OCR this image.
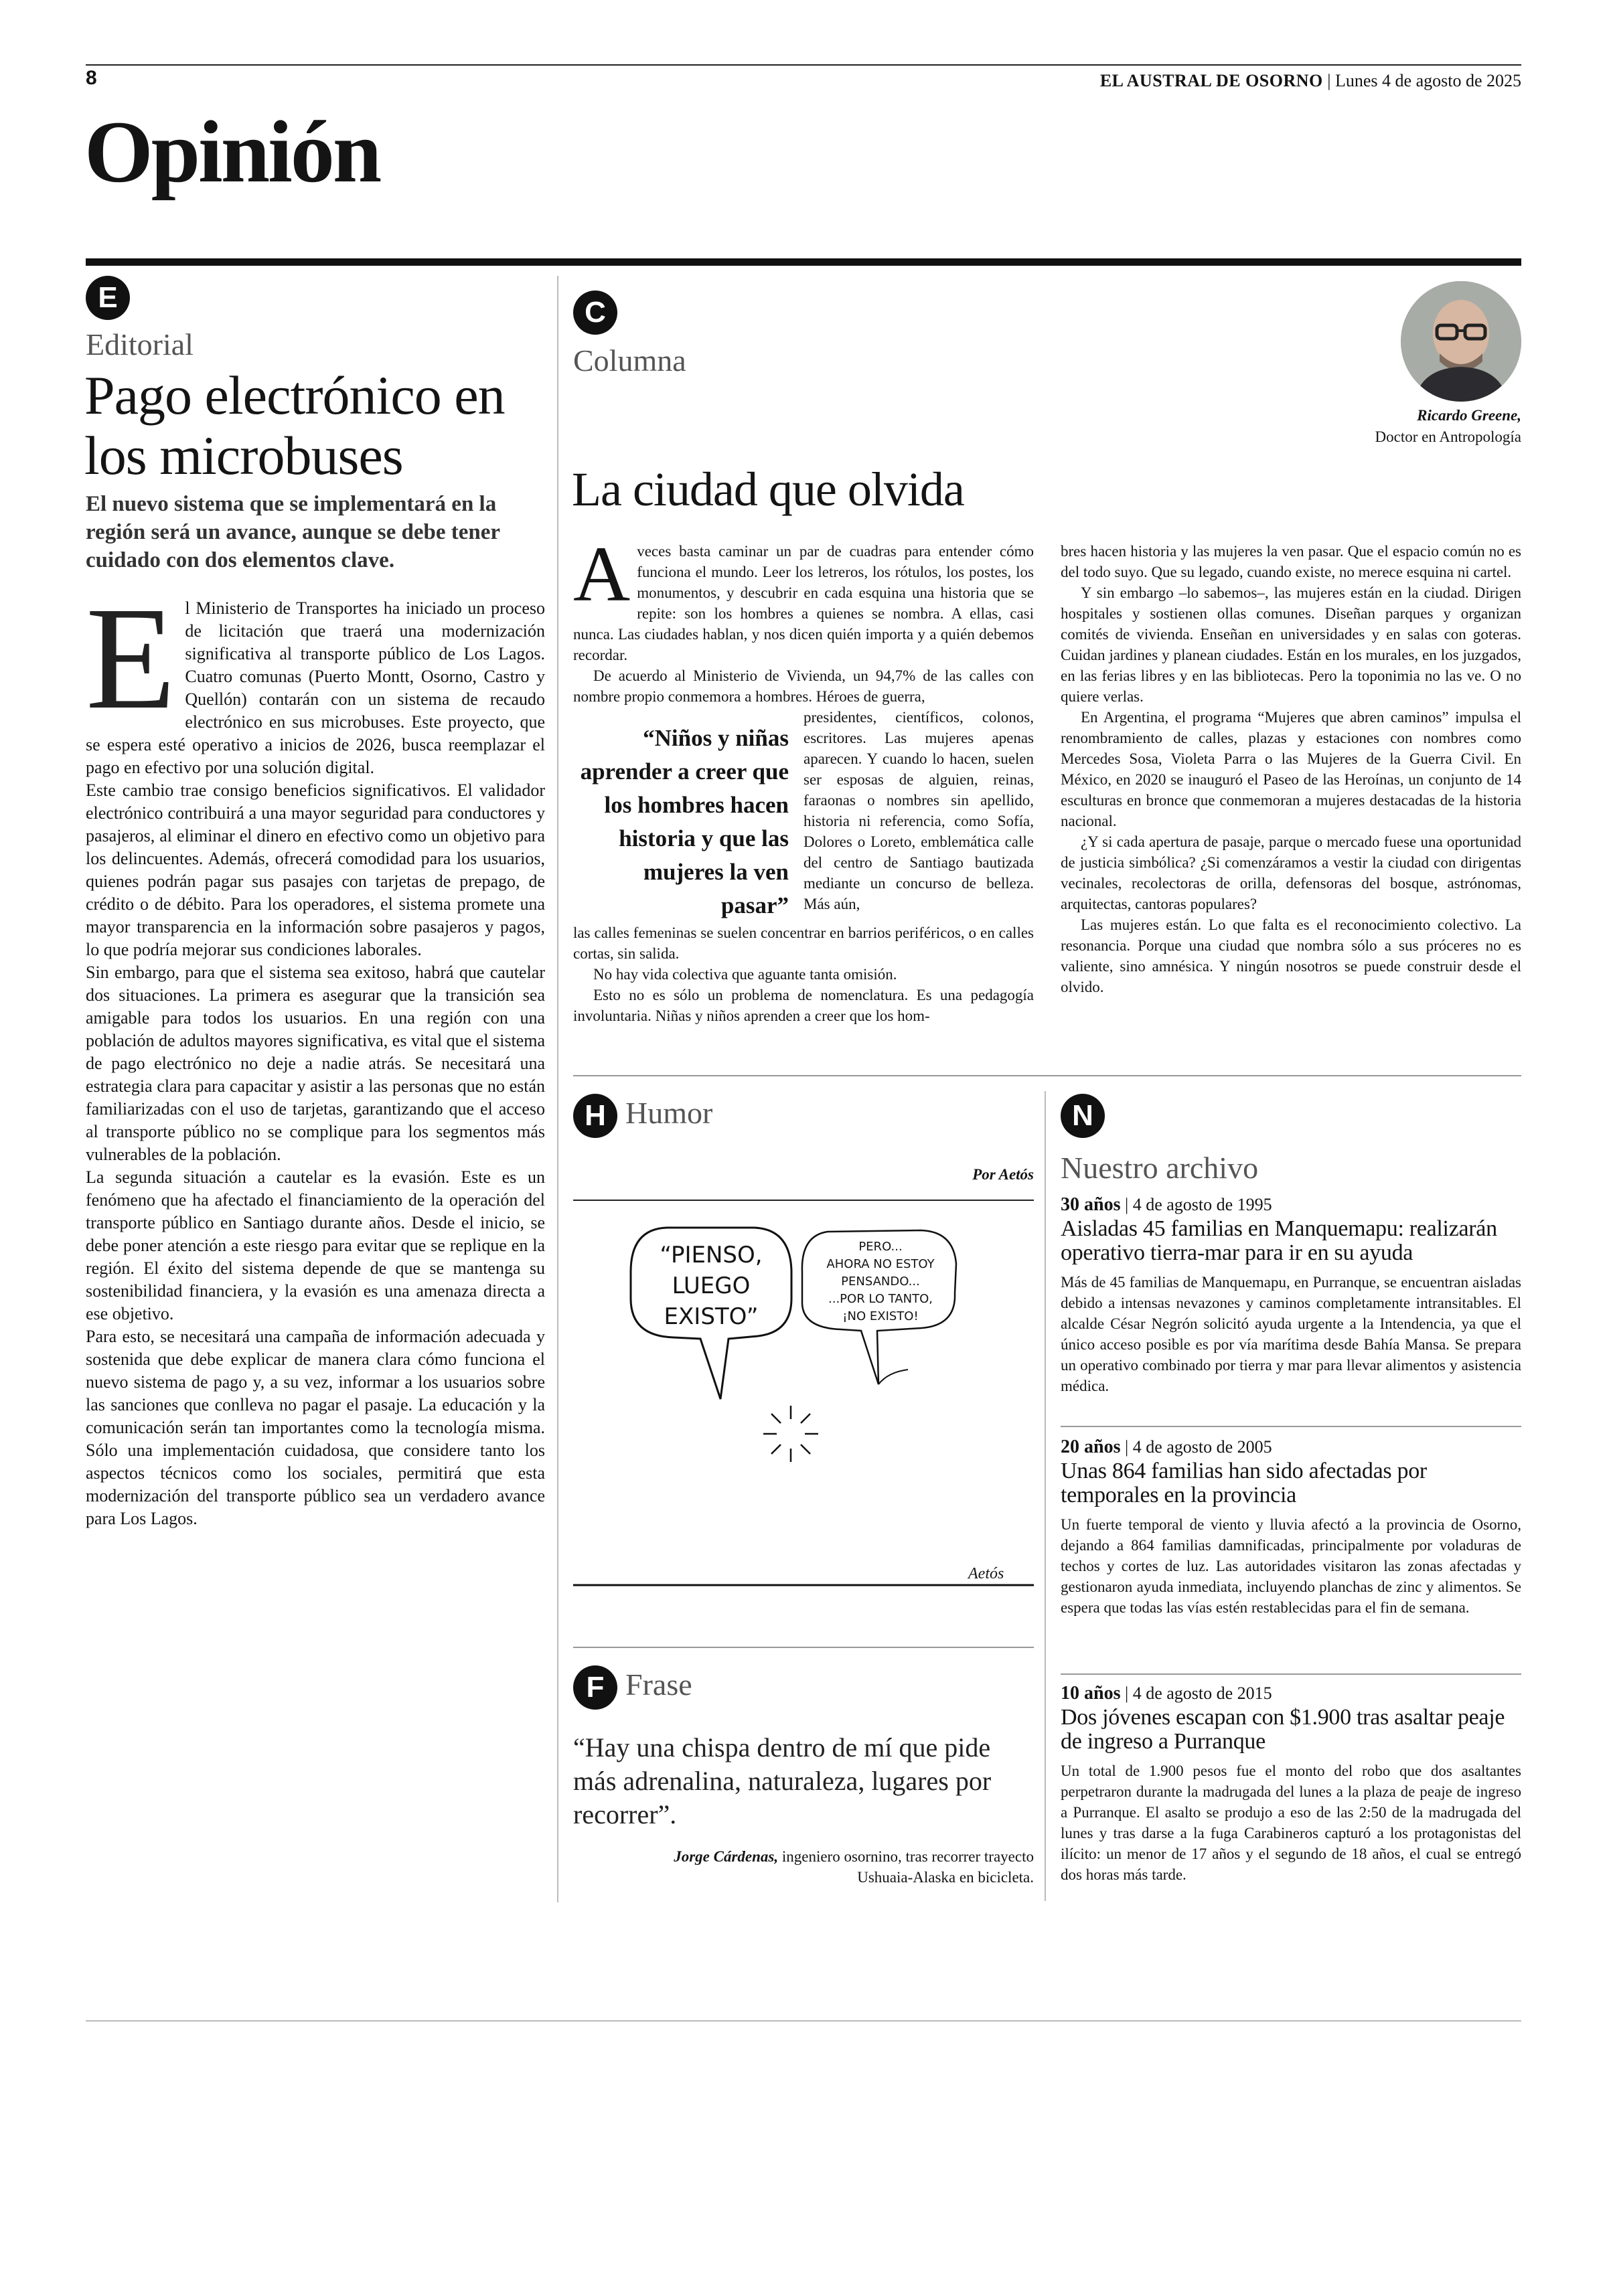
8	EL AUSTRAL DE OSORNO | Lunes 4 de agosto de 2025
Opinión
E
Editorial
Pago electrónico en los microbuses
El nuevo sistema que se implementará en la región será un avance, aunque se debe tener cuidado con dos elementos clave.
E l Ministerio de Transportes ha iniciado un proceso de licitación que traerá una modernización significativa al transporte público de Los Lagos. Cuatro comunas (Puerto Montt, Osorno, Castro y Quellón) contarán con un sistema de recaudo electrónico en sus microbuses. Este proyecto, que se espera esté operativo a inicios de 2026, busca reemplazar el pago en efectivo por una solución digital.

Este cambio trae consigo beneficios significativos. El validador electrónico contribuirá a una mayor seguridad para conductores y pasajeros, al eliminar el dinero en efectivo como un objetivo para los delincuentes. Además, ofrecerá comodidad para los usuarios, quienes podrán pagar sus pasajes con tarjetas de prepago, de crédito o de débito. Para los operadores, el sistema promete una mayor transparencia en la información sobre pasajeros y pagos, lo que podría mejorar sus condiciones laborales.

Sin embargo, para que el sistema sea exitoso, habrá que cautelar dos situaciones. La primera es asegurar que la transición sea amigable para todos los usuarios. En una región con una población de adultos mayores significativa, es vital que el sistema de pago electrónico no deje a nadie atrás. Se necesitará una estrategia clara para capacitar y asistir a las personas que no están familiarizadas con el uso de tarjetas, garantizando que el acceso al transporte público no se complique para los segmentos más vulnerables de la población.

La segunda situación a cautelar es la evasión. Este es un fenómeno que ha afectado el financiamiento de la operación del transporte público en Santiago durante años. Desde el inicio, se debe poner atención a este riesgo para evitar que se replique en la región. El éxito del sistema depende de que se mantenga su sostenibilidad financiera, y la evasión es una amenaza directa a ese objetivo.

Para esto, se necesitará una campaña de información adecuada y sostenida que debe explicar de manera clara cómo funciona el nuevo sistema de pago y, a su vez, informar a los usuarios sobre las sanciones que conlleva no pagar el pasaje. La educación y la comunicación serán tan importantes como la tecnología misma. Sólo una implementación cuidadosa, que considere tanto los aspectos técnicos como los sociales, permitirá que esta modernización del transporte público sea un verdadero avance para Los Lagos.

C
Columna
Ricardo Greene,
Doctor en Antropología
La ciudad que olvida
A veces basta caminar un par de cuadras para entender cómo funciona el mundo. Leer los letreros, los rótulos, los postes, los monumentos, y descubrir en cada esquina una historia que se repite: son los hombres a quienes se nombra. A ellas, casi nunca. Las ciudades hablan, y nos dicen quién importa y a quién debemos recordar.

De acuerdo al Ministerio de Vivienda, un 94,7% de las calles con nombre propio conmemora a hombres. Héroes de guerra,

“Niños y niñas aprender a creer que los hombres hacen historia y que las mujeres la ven pasar”
presidentes, científicos, colonos, escritores. Las mujeres apenas aparecen. Y cuando lo hacen, suelen ser esposas de alguien, reinas, faraonas o nombres sin apellido, historia ni referencia, como Sofía, Dolores o Loreto, emblemática calle del centro de Santiago bautizada mediante un concurso de belleza. Más aún,

las calles femeninas se suelen concentrar en barrios periféricos, o en calles cortas, sin salida.

No hay vida colectiva que aguante tanta omisión.

Esto no es sólo un problema de nomenclatura. Es una pedagogía involuntaria. Niñas y niños aprenden a creer que los hom-

bres hacen historia y las mujeres la ven pasar. Que el espacio común no es del todo suyo. Que su legado, cuando existe, no merece esquina ni cartel.

Y sin embargo –lo sabemos–, las mujeres están en la ciudad. Dirigen hospitales y sostienen ollas comunes. Diseñan parques y organizan comités de vivienda. Enseñan en universidades y en salas con goteras. Cuidan jardines y planean ciudades. Están en los murales, en los juzgados, en las ferias libres y en las bibliotecas. Pero la toponimia no las ve. O no quiere verlas.

En Argentina, el programa “Mujeres que abren caminos” impulsa el renombramiento de calles, plazas y estaciones con nombres como Mercedes Sosa, Violeta Parra o las Mujeres de la Guerra Civil. En México, en 2020 se inauguró el Paseo de las Heroínas, un conjunto de 14 esculturas en bronce que conmemoran a mujeres destacadas de la historia nacional.

¿Y si cada apertura de pasaje, parque o mercado fuese una oportunidad de justicia simbólica? ¿Si comenzáramos a vestir la ciudad con dirigentas vecinales, recolectoras de orilla, defensoras del bosque, astrónomas, arquitectas, cantoras populares?

Las mujeres están. Lo que falta es el reconocimiento colectivo. La resonancia. Porque una ciudad que nombra sólo a sus próceres no es valiente, sino amnésica. Y ningún nosotros se puede construir desde el olvido.

H Humor
Por Aetós
“PIENSO,
LUEGO
EXISTO”
PERO...
AHORA NO ESTOY
PENSANDO...
...POR LO TANTO,
¡NO EXISTO!
Aetós
F Frase
“Hay una chispa dentro de mí que pide más adrenalina, naturaleza, lugares por recorrer”.
Jorge Cárdenas, ingeniero osornino, tras recorrer trayecto Ushuaia-Alaska en bicicleta.
N
Nuestro archivo
30 años | 4 de agosto de 1995
Aisladas 45 familias en Manquemapu: realizarán operativo tierra-mar para ir en su ayuda
Más de 45 familias de Manquemapu, en Purranque, se encuentran aisladas debido a intensas nevazones y caminos completamente intransitables. El alcalde César Negrón solicitó ayuda urgente a la Intendencia, ya que el único acceso posible es por vía marítima desde Bahía Mansa. Se prepara un operativo combinado por tierra y mar para llevar alimentos y asistencia médica.
20 años | 4 de agosto de 2005
Unas 864 familias han sido afectadas por temporales en la provincia
Un fuerte temporal de viento y lluvia afectó a la provincia de Osorno, dejando a 864 familias damnificadas, principalmente por voladuras de techos y cortes de luz. Las autoridades visitaron las zonas afectadas y gestionaron ayuda inmediata, incluyendo planchas de zinc y alimentos. Se espera que todas las vías estén restablecidas para el fin de semana.
10 años | 4 de agosto de 2015
Dos jóvenes escapan con $1.900 tras asaltar peaje de ingreso a Purranque
Un total de 1.900 pesos fue el monto del robo que dos asaltantes perpetraron durante la madrugada del lunes a la plaza de peaje de ingreso a Purranque. El asalto se produjo a eso de las 2:50 de la madrugada del lunes y tras darse a la fuga Carabineros capturó a los protagonistas del ilícito: un menor de 17 años y el segundo de 18 años, el cual se entregó dos horas más tarde.
